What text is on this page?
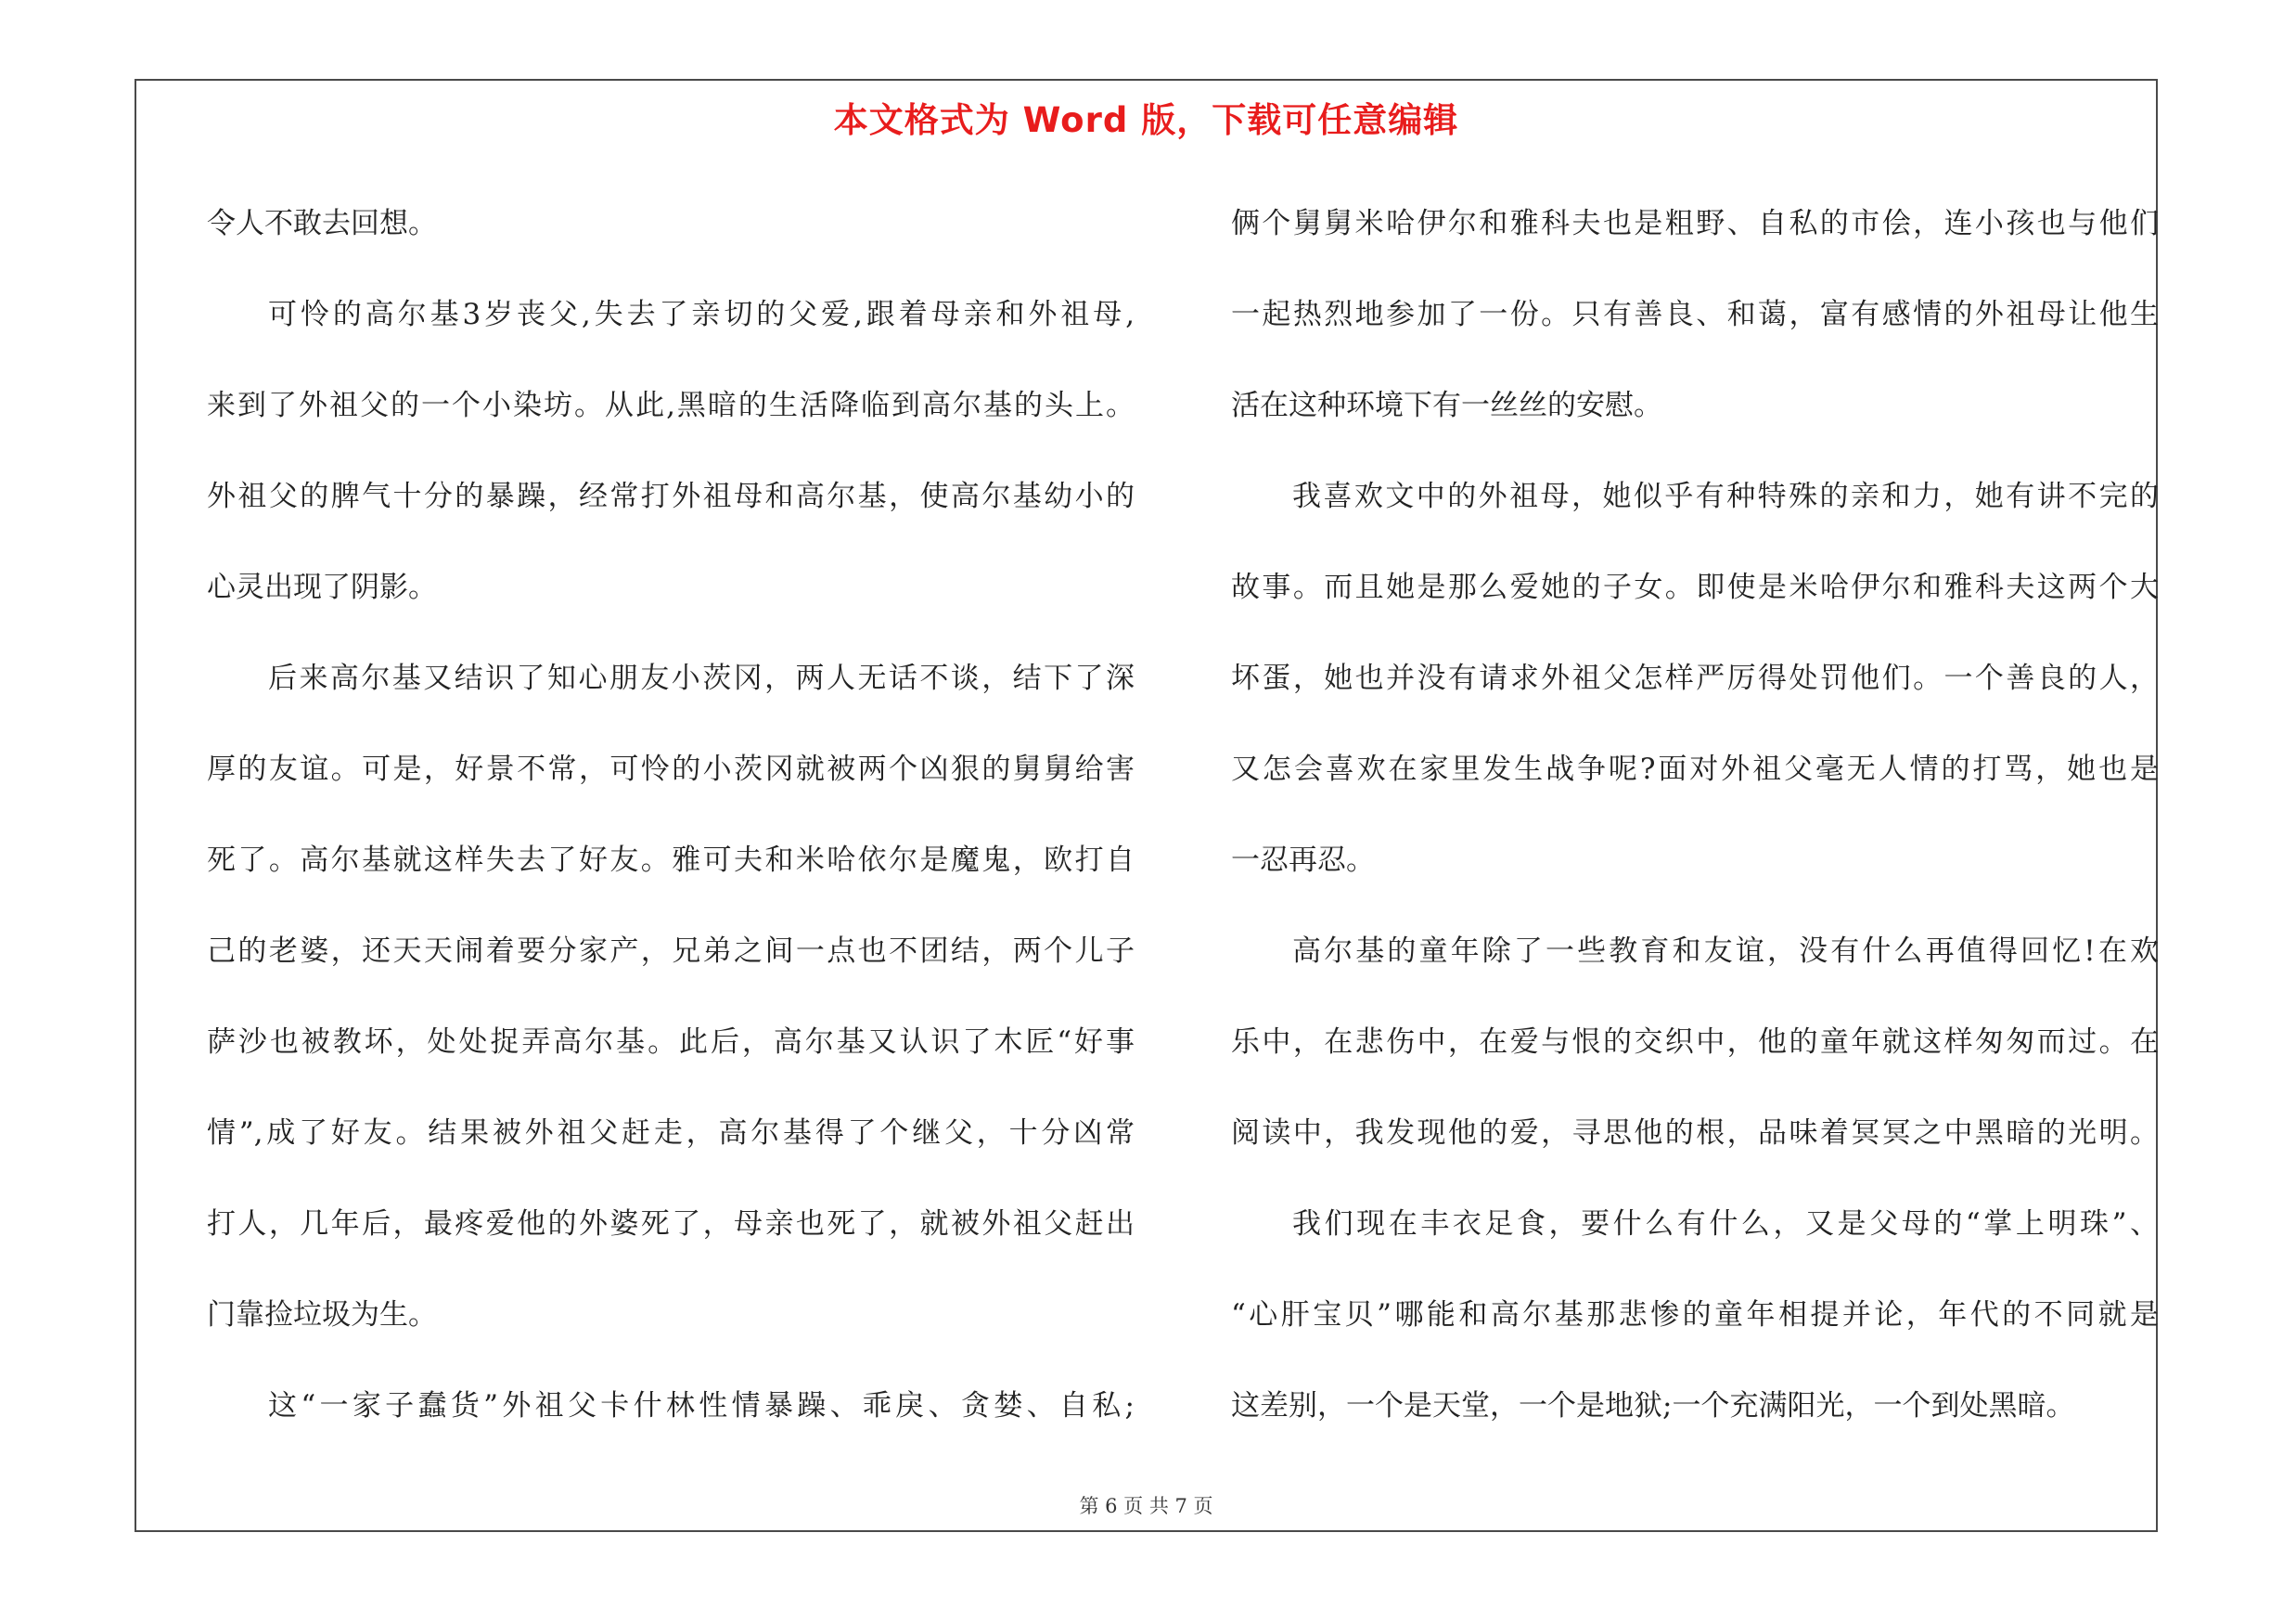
本文格式为 Word 版，下载可任意编辑
令人不敢去回想。
可怜的高尔基3岁丧父,失去了亲切的父爱,跟着母亲和外祖母,
来到了外祖父的一个小染坊。从此,黑暗的生活降临到高尔基的头上。
外祖父的脾气十分的暴躁，经常打外祖母和高尔基，使高尔基幼小的
心灵出现了阴影。
后来高尔基又结识了知心朋友小茨冈，两人无话不谈，结下了深
厚的友谊。可是，好景不常，可怜的小茨冈就被两个凶狠的舅舅给害
死了。高尔基就这样失去了好友。雅可夫和米哈依尔是魔鬼，欧打自
己的老婆，还天天闹着要分家产，兄弟之间一点也不团结，两个儿子
萨沙也被教坏，处处捉弄高尔基。此后，高尔基又认识了木匠“好事
情”,成了好友。结果被外祖父赶走，高尔基得了个继父，十分凶常
打人，几年后，最疼爱他的外婆死了，母亲也死了，就被外祖父赶出
门靠捡垃圾为生。
这“一家子蠢货”外祖父卡什林性情暴躁、乖戾、贪婪、自私;
俩个舅舅米哈伊尔和雅科夫也是粗野、自私的市侩，连小孩也与他们
一起热烈地参加了一份。只有善良、和蔼，富有感情的外祖母让他生
活在这种环境下有一丝丝的安慰。
我喜欢文中的外祖母，她似乎有种特殊的亲和力，她有讲不完的
故事。而且她是那么爱她的子女。即使是米哈伊尔和雅科夫这两个大
坏蛋，她也并没有请求外祖父怎样严厉得处罚他们。一个善良的人，
又怎会喜欢在家里发生战争呢?面对外祖父毫无人情的打骂，她也是
一忍再忍。
高尔基的童年除了一些教育和友谊，没有什么再值得回忆!在欢
乐中，在悲伤中，在爱与恨的交织中，他的童年就这样匆匆而过。在
阅读中，我发现他的爱，寻思他的根，品味着冥冥之中黑暗的光明。
我们现在丰衣足食，要什么有什么，又是父母的“掌上明珠”、
“心肝宝贝”哪能和高尔基那悲惨的童年相提并论，年代的不同就是
这差别，一个是天堂，一个是地狱;一个充满阳光，一个到处黑暗。
第 6 页 共 7 页
